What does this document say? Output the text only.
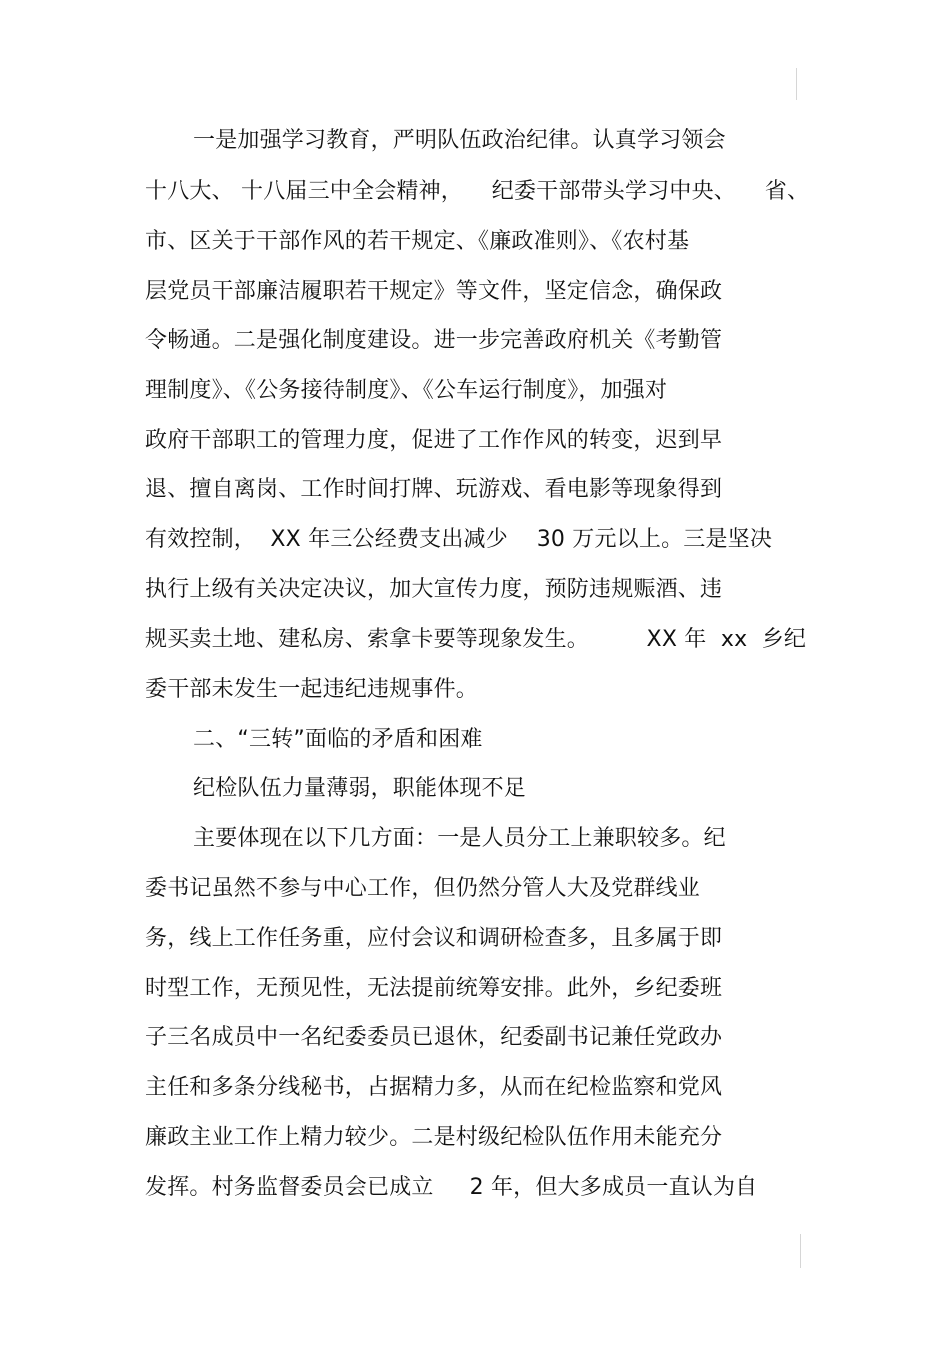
一是加强学习教育，严明队伍政治纪律。认真学习领会
十八大、 十八届三中全会精神，    纪委干部带头学习中央、    省、
市、区关于干部作风的若干规定、《廉政准则》、《农村基
层党员干部廉洁履职若干规定》等文件，坚定信念，确保政
令畅通。二是强化制度建设。进一步完善政府机关《考勤管
理制度》、《公务接待制度》、《公车运行制度》，加强对
政府干部职工的管理力度，促进了工作作风的转变，迟到早
退、擅自离岗、工作时间打牌、玩游戏、看电影等现象得到
有效控制，  XX 年三公经费支出减少    30 万元以上。三是坚决
执行上级有关决定决议，加大宣传力度，预防违规赈酒、违
规买卖土地、建私房、索拿卡要等现象发生。        XX 年  xx  乡纪
委干部未发生一起违纪违规事件。
二、“三转”面临的矛盾和困难
纪检队伍力量薄弱，职能体现不足
主要体现在以下几方面：一是人员分工上兼职较多。纪
委书记虽然不参与中心工作，但仍然分管人大及党群线业
务，线上工作任务重，应付会议和调研检查多，且多属于即
时型工作，无预见性，无法提前统筹安排。此外，乡纪委班
子三名成员中一名纪委委员已退休，纪委副书记兼任党政办
主任和多条分线秘书，占据精力多，从而在纪检监察和党风
廉政主业工作上精力较少。二是村级纪检队伍作用未能充分
发挥。村务监督委员会已成立     2 年，但大多成员一直认为自
